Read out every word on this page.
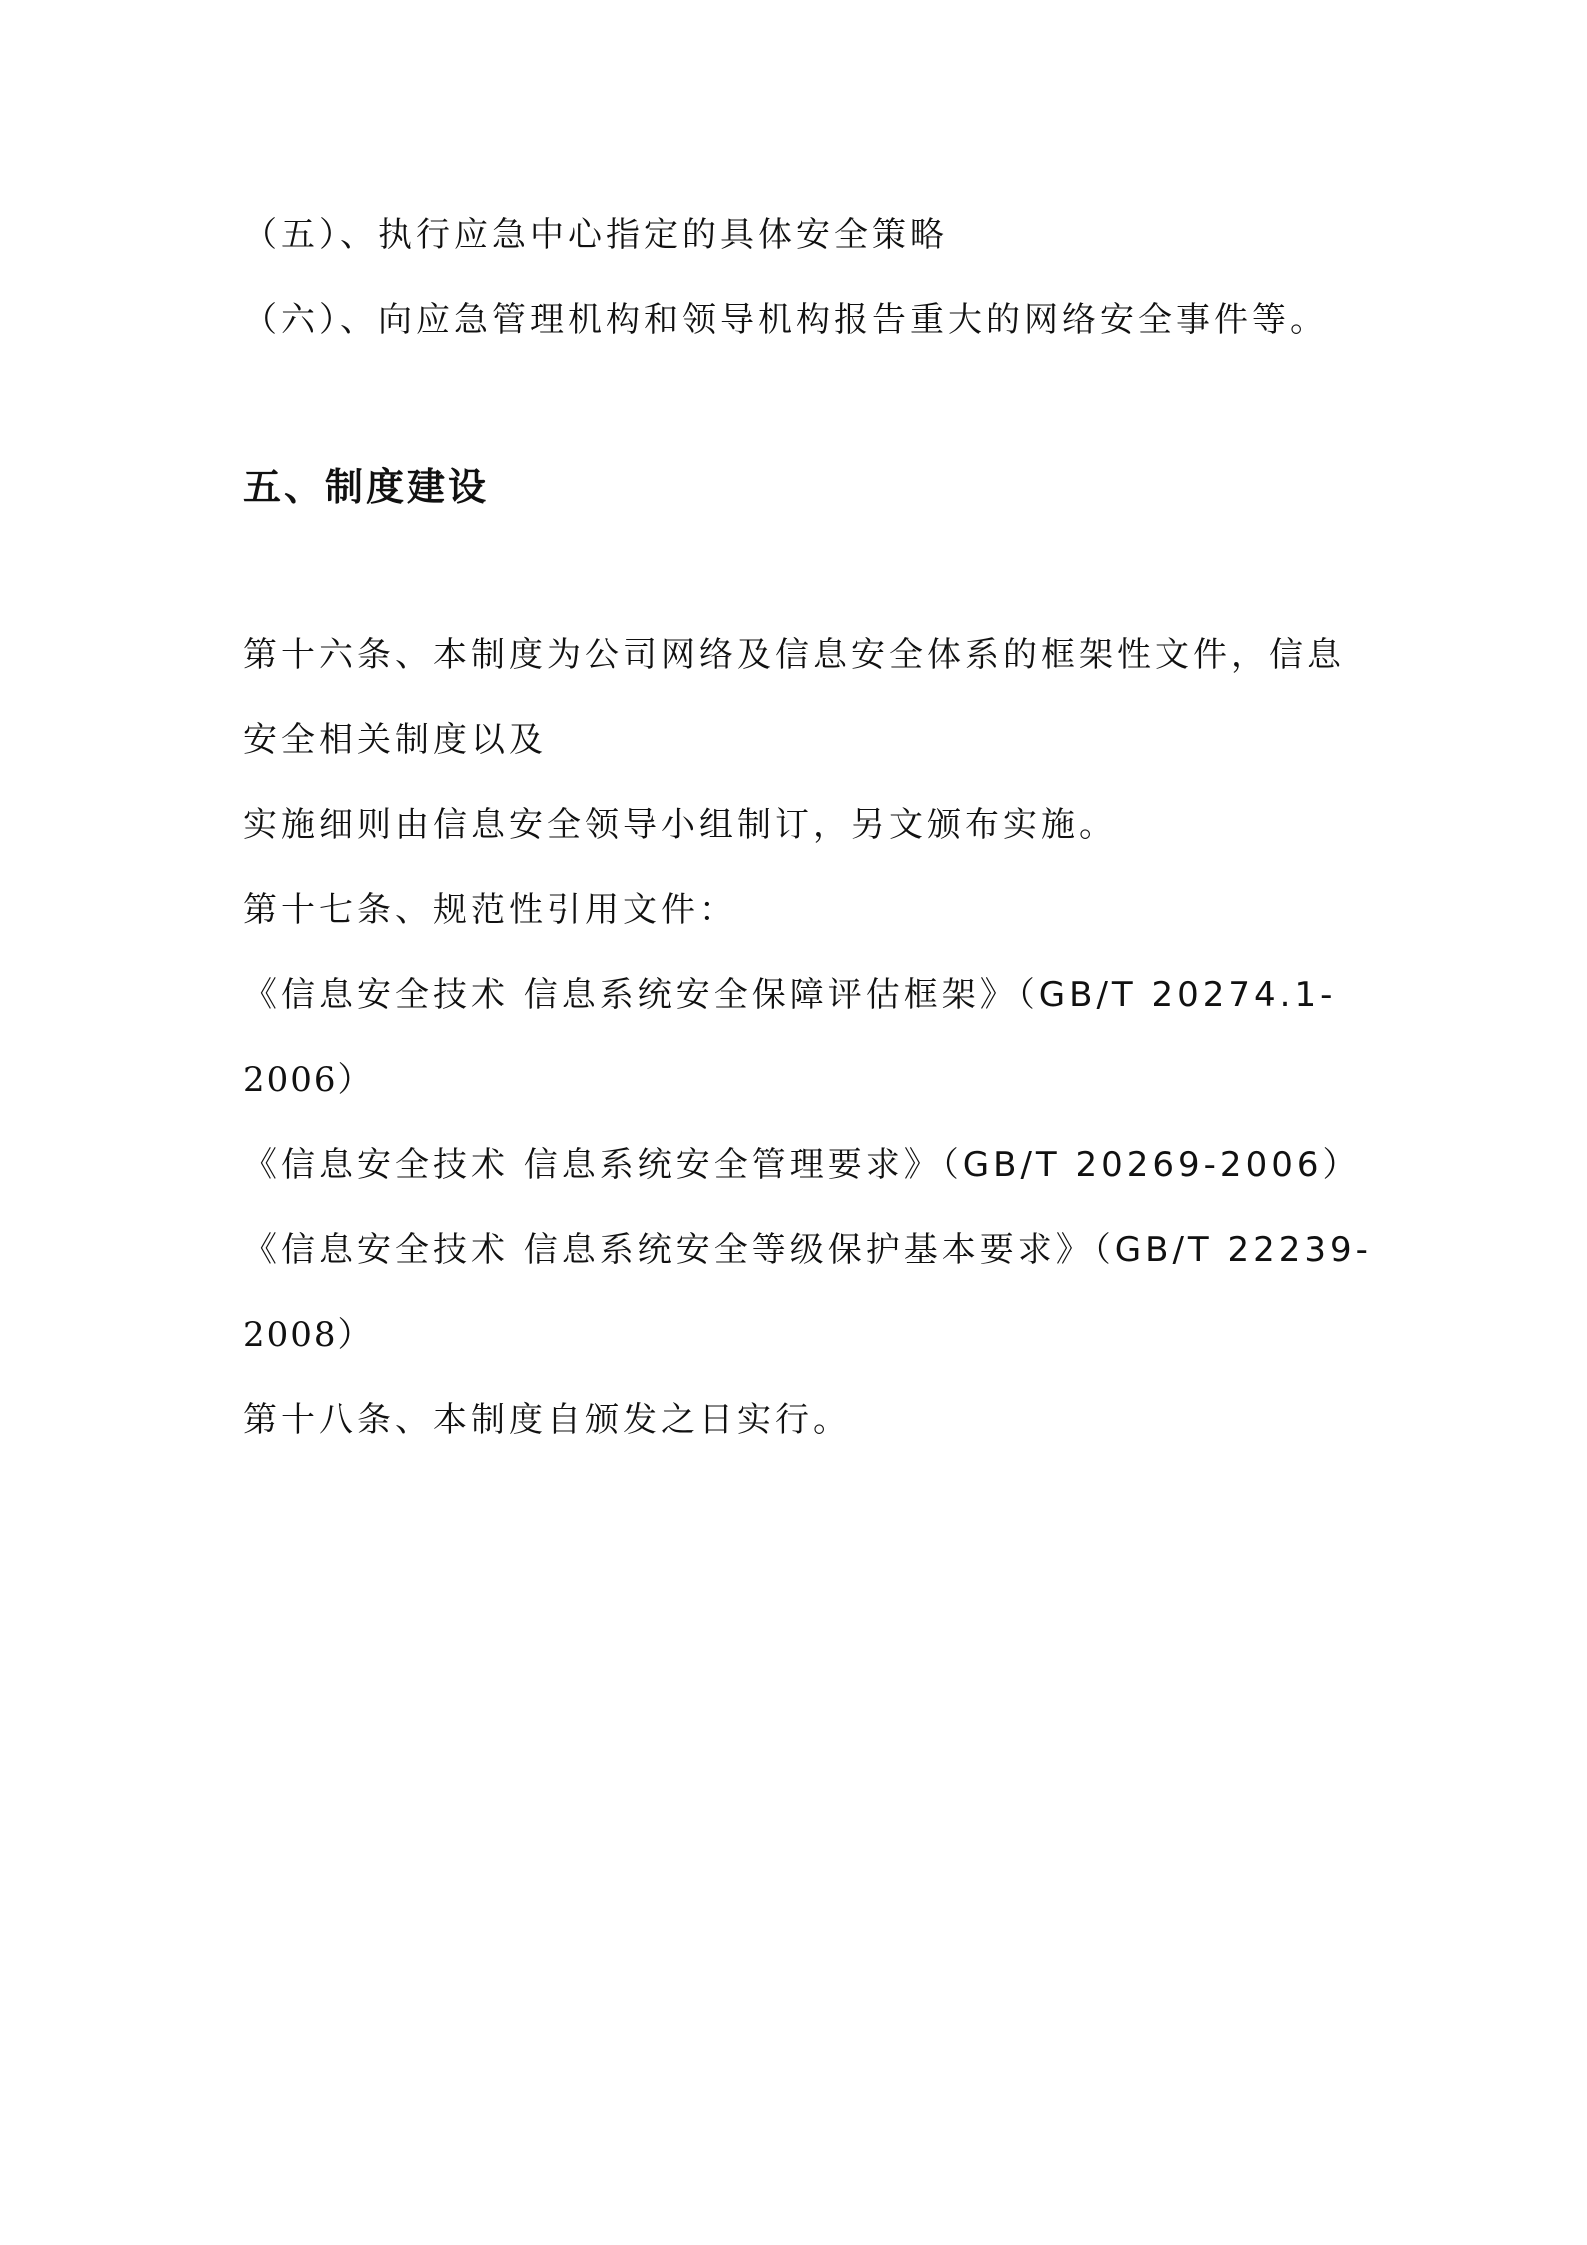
（五）、执行应急中心指定的具体安全策略

（六）、向应急管理机构和领导机构报告重大的网络安全事件等。

五、制度建设

第十六条、本制度为公司网络及信息安全体系的框架性文件，信息

安全相关制度以及

实施细则由信息安全领导小组制订，另文颁布实施。

第十七条、规范性引用文件：

《信息安全技术 信息系统安全保障评估框架》（GB/T 20274.1-

2006）

《信息安全技术 信息系统安全管理要求》（GB/T 20269-2006）

《信息安全技术 信息系统安全等级保护基本要求》（GB/T 22239-

2008）

第十八条、本制度自颁发之日实行。
